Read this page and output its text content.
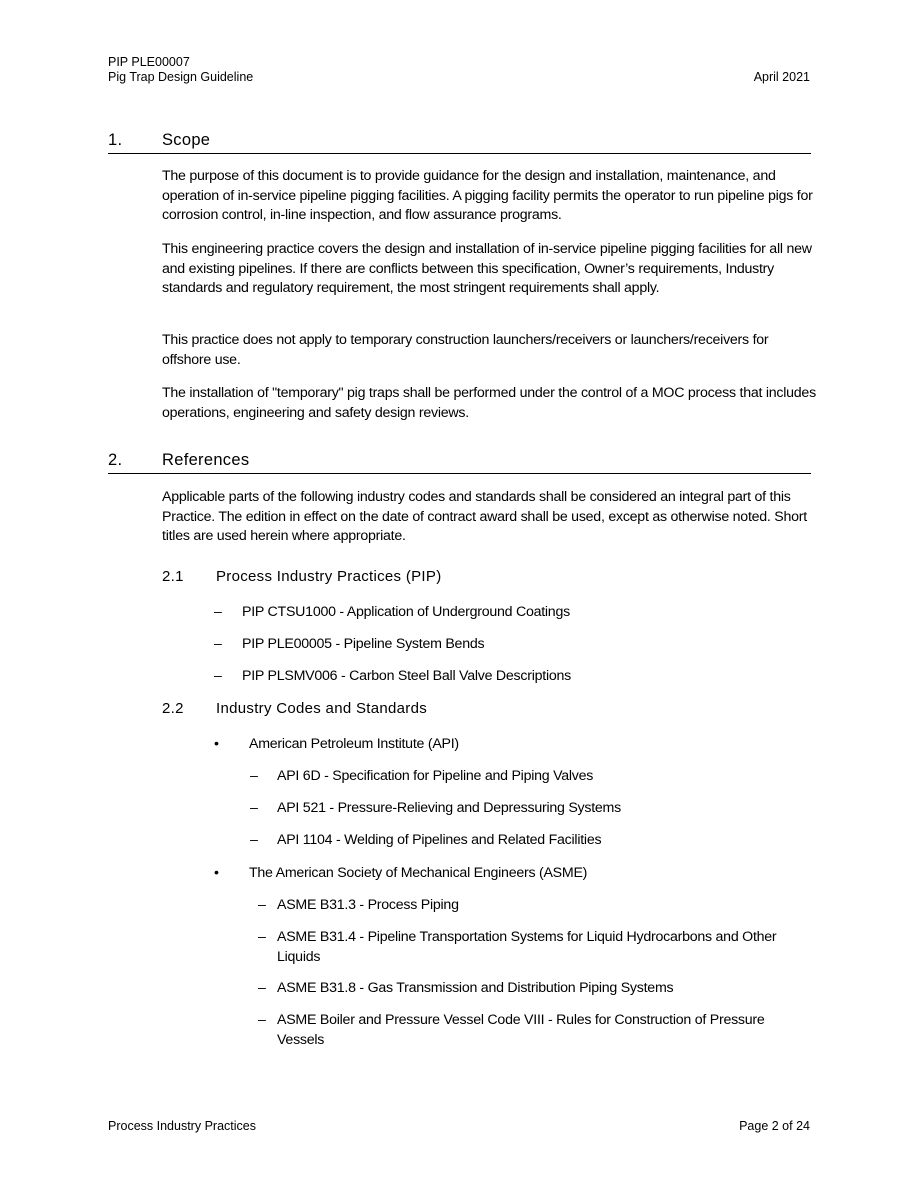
PIP PLE00007
Pig Trap Design Guideline	April 2021
1. Scope
The purpose of this document is to provide guidance for the design and installation, maintenance, and operation of in-service pipeline pigging facilities. A pigging facility permits the operator to run pipeline pigs for corrosion control, in-line inspection, and flow assurance programs.
This engineering practice covers the design and installation of in-service pipeline pigging facilities for all new and existing pipelines. If there are conflicts between this specification, Owner’s requirements, Industry standards and regulatory requirement, the most stringent requirements shall apply.
This practice does not apply to temporary construction launchers/receivers or launchers/receivers for offshore use.
The installation of "temporary" pig traps shall be performed under the control of a MOC process that includes operations, engineering and safety design reviews.
2. References
Applicable parts of the following industry codes and standards shall be considered an integral part of this Practice. The edition in effect on the date of contract award shall be used, except as otherwise noted. Short titles are used herein where appropriate.
2.1 Process Industry Practices (PIP)
– PIP CTSU1000 - Application of Underground Coatings
– PIP PLE00005 - Pipeline System Bends
– PIP PLSMV006 - Carbon Steel Ball Valve Descriptions
2.2 Industry Codes and Standards
• American Petroleum Institute (API)
– API 6D - Specification for Pipeline and Piping Valves
– API 521 - Pressure-Relieving and Depressuring Systems
– API 1104 - Welding of Pipelines and Related Facilities
• The American Society of Mechanical Engineers (ASME)
– ASME B31.3 - Process Piping
– ASME B31.4 - Pipeline Transportation Systems for Liquid Hydrocarbons and Other Liquids
– ASME B31.8 - Gas Transmission and Distribution Piping Systems
– ASME Boiler and Pressure Vessel Code VIII - Rules for Construction of Pressure Vessels
Process Industry Practices	Page 2 of 24
